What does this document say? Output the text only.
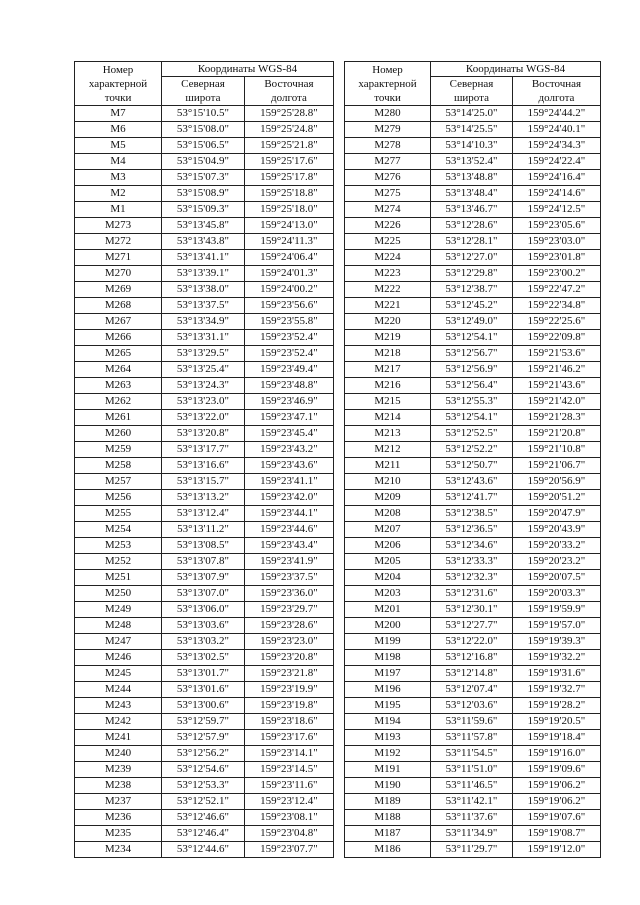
Номер
характерной
точки	Координаты WGS-84	
	Северная
широта	Восточная
долгота
M7	53°15'10.5"	159°25'28.8"
M6	53°15'08.0"	159°25'24.8"
M5	53°15'06.5"	159°25'21.8"
M4	53°15'04.9"	159°25'17.6"
M3	53°15'07.3"	159°25'17.8"
M2	53°15'08.9"	159°25'18.8"
M1	53°15'09.3"	159°25'18.0"
M273	53°13'45.8"	159°24'13.0"
M272	53°13'43.8"	159°24'11.3"
M271	53°13'41.1"	159°24'06.4"
M270	53°13'39.1"	159°24'01.3"
M269	53°13'38.0"	159°24'00.2"
M268	53°13'37.5"	159°23'56.6"
M267	53°13'34.9"	159°23'55.8"
M266	53°13'31.1"	159°23'52.4"
M265	53°13'29.5"	159°23'52.4"
M264	53°13'25.4"	159°23'49.4"
M263	53°13'24.3"	159°23'48.8"
M262	53°13'23.0"	159°23'46.9"
M261	53°13'22.0"	159°23'47.1"
M260	53°13'20.8"	159°23'45.4"
M259	53°13'17.7"	159°23'43.2"
M258	53°13'16.6"	159°23'43.6"
M257	53°13'15.7"	159°23'41.1"
M256	53°13'13.2"	159°23'42.0"
M255	53°13'12.4"	159°23'44.1"
M254	53°13'11.2"	159°23'44.6"
M253	53°13'08.5"	159°23'43.4"
M252	53°13'07.8"	159°23'41.9"
M251	53°13'07.9"	159°23'37.5"
M250	53°13'07.0"	159°23'36.0"
M249	53°13'06.0"	159°23'29.7"
M248	53°13'03.6"	159°23'28.6"
M247	53°13'03.2"	159°23'23.0"
M246	53°13'02.5"	159°23'20.8"
M245	53°13'01.7"	159°23'21.8"
M244	53°13'01.6"	159°23'19.9"
M243	53°13'00.6"	159°23'19.8"
M242	53°12'59.7"	159°23'18.6"
M241	53°12'57.9"	159°23'17.6"
M240	53°12'56.2"	159°23'14.1"
M239	53°12'54.6"	159°23'14.5"
M238	53°12'53.3"	159°23'11.6"
M237	53°12'52.1"	159°23'12.4"
M236	53°12'46.6"	159°23'08.1"
M235	53°12'46.4"	159°23'04.8"
M234	53°12'44.6"	159°23'07.7"
Номер
характерной
точки	Координаты WGS-84	
	Северная
широта	Восточная
долгота
M280	53°14'25.0"	159°24'44.2"
M279	53°14'25.5"	159°24'40.1"
M278	53°14'10.3"	159°24'34.3"
M277	53°13'52.4"	159°24'22.4"
M276	53°13'48.8"	159°24'16.4"
M275	53°13'48.4"	159°24'14.6"
M274	53°13'46.7"	159°24'12.5"
M226	53°12'28.6"	159°23'05.6"
M225	53°12'28.1"	159°23'03.0"
M224	53°12'27.0"	159°23'01.8"
M223	53°12'29.8"	159°23'00.2"
M222	53°12'38.7"	159°22'47.2"
M221	53°12'45.2"	159°22'34.8"
M220	53°12'49.0"	159°22'25.6"
M219	53°12'54.1"	159°22'09.8"
M218	53°12'56.7"	159°21'53.6"
M217	53°12'56.9"	159°21'46.2"
M216	53°12'56.4"	159°21'43.6"
M215	53°12'55.3"	159°21'42.0"
M214	53°12'54.1"	159°21'28.3"
M213	53°12'52.5"	159°21'20.8"
M212	53°12'52.2"	159°21'10.8"
M211	53°12'50.7"	159°21'06.7"
M210	53°12'43.6"	159°20'56.9"
M209	53°12'41.7"	159°20'51.2"
M208	53°12'38.5"	159°20'47.9"
M207	53°12'36.5"	159°20'43.9"
M206	53°12'34.6"	159°20'33.2"
M205	53°12'33.3"	159°20'23.2"
M204	53°12'32.3"	159°20'07.5"
M203	53°12'31.6"	159°20'03.3"
M201	53°12'30.1"	159°19'59.9"
M200	53°12'27.7"	159°19'57.0"
M199	53°12'22.0"	159°19'39.3"
M198	53°12'16.8"	159°19'32.2"
M197	53°12'14.8"	159°19'31.6"
M196	53°12'07.4"	159°19'32.7"
M195	53°12'03.6"	159°19'28.2"
M194	53°11'59.6"	159°19'20.5"
M193	53°11'57.8"	159°19'18.4"
M192	53°11'54.5"	159°19'16.0"
M191	53°11'51.0"	159°19'09.6"
M190	53°11'46.5"	159°19'06.2"
M189	53°11'42.1"	159°19'06.2"
M188	53°11'37.6"	159°19'07.6"
M187	53°11'34.9"	159°19'08.7"
M186	53°11'29.7"	159°19'12.0"
